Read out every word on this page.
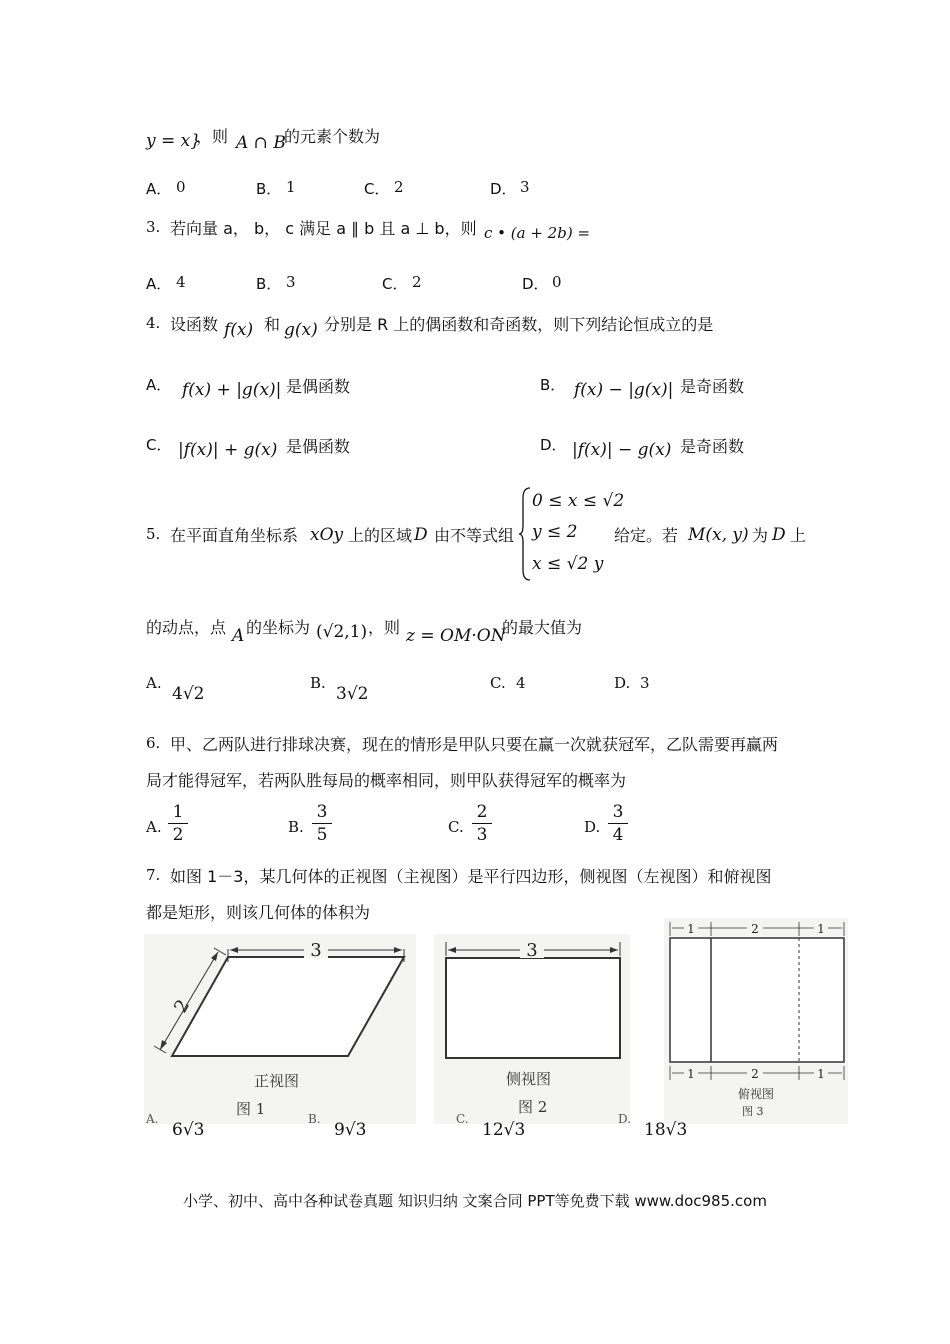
y = x}
，则 A ∩ B
的元素个数为
A． 0	B． 1	C． 2	D． 3
3. 若向量 a， b， c 满足 a ∥ b 且 a ⊥ b，则 c • (a + 2b) =
A． 4	B． 3	C． 2	D． 0
4. 设函数 f(x) 和 g(x) 分别是 R 上的偶函数和奇函数，则下列结论恒成立的是
A． f(x) + |g(x)| 是偶函数	B． f(x) − |g(x)| 是奇函数
C． |f(x)| + g(x) 是偶函数	D． |f(x)| − g(x) 是奇函数
5. 在平面直角坐标系 xOy 上的区域 D 由不等式组
0 ≤ x ≤ √2
y ≤ 2
x ≤ √2 y
给定。若 M(x, y) 为 D 上
的动点，点 A 的坐标为 (√2,1) ，则 z = OM·ON
的最大值为
A.
4√2
B.
3√2
C. 4	D. 3
6. 甲、乙两队进行排球决赛，现在的情形是甲队只要在赢一次就获冠军，乙队需要再赢两
局才能得冠军，若两队胜每局的概率相同，则甲队获得冠军的概率为
A. $\frac{1}{2}$	B. $\frac{3}{5}$	C. $\frac{2}{3}$	D. $\frac{3}{4}$
7. 如图 1－3，某几何体的正视图（主视图）是平行四边形，侧视图（左视图）和俯视图
都是矩形，则该几何体的体积为
3
2
正视图
图 1
3
侧视图
图 2
1	2	1
1	2	1
俯视图
图 3
A.
6√3
B.
9√3
C.
12√3
D.
18√3
小学、初中、高中各种试卷真题 知识归纳 文案合同 PPT等免费下载 www.doc985.com
